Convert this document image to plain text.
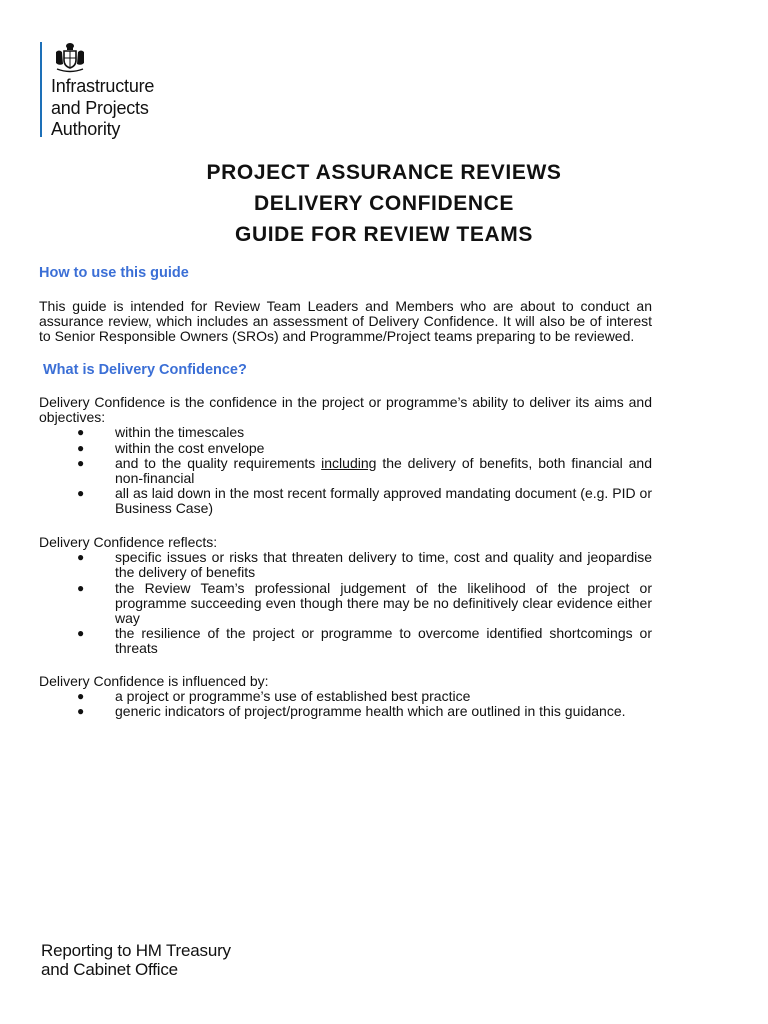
Infrastructure
and Projects
Authority
PROJECT ASSURANCE REVIEWS
DELIVERY CONFIDENCE
GUIDE FOR REVIEW TEAMS
How to use this guide
This guide is intended for Review Team Leaders and Members who are about to conduct an assurance review, which includes an assessment of Delivery Confidence. It will also be of interest to Senior Responsible Owners (SROs) and Programme/Project teams preparing to be reviewed.
What is Delivery Confidence?
Delivery Confidence is the confidence in the project or programme’s ability to deliver its aims and objectives:
● within the timescales
● within the cost envelope
● and to the quality requirements including the delivery of benefits, both financial and non-financial
● all as laid down in the most recent formally approved mandating document (e.g. PID or Business Case)
Delivery Confidence reflects:
● specific issues or risks that threaten delivery to time, cost and quality and jeopardise the delivery of benefits
● the Review Team’s professional judgement of the likelihood of the project or programme succeeding even though there may be no definitively clear evidence either way
● the resilience of the project or programme to overcome identified shortcomings or threats
Delivery Confidence is influenced by:
● a project or programme’s use of established best practice
● generic indicators of project/programme health which are outlined in this guidance.
Reporting to HM Treasury
and Cabinet Office
